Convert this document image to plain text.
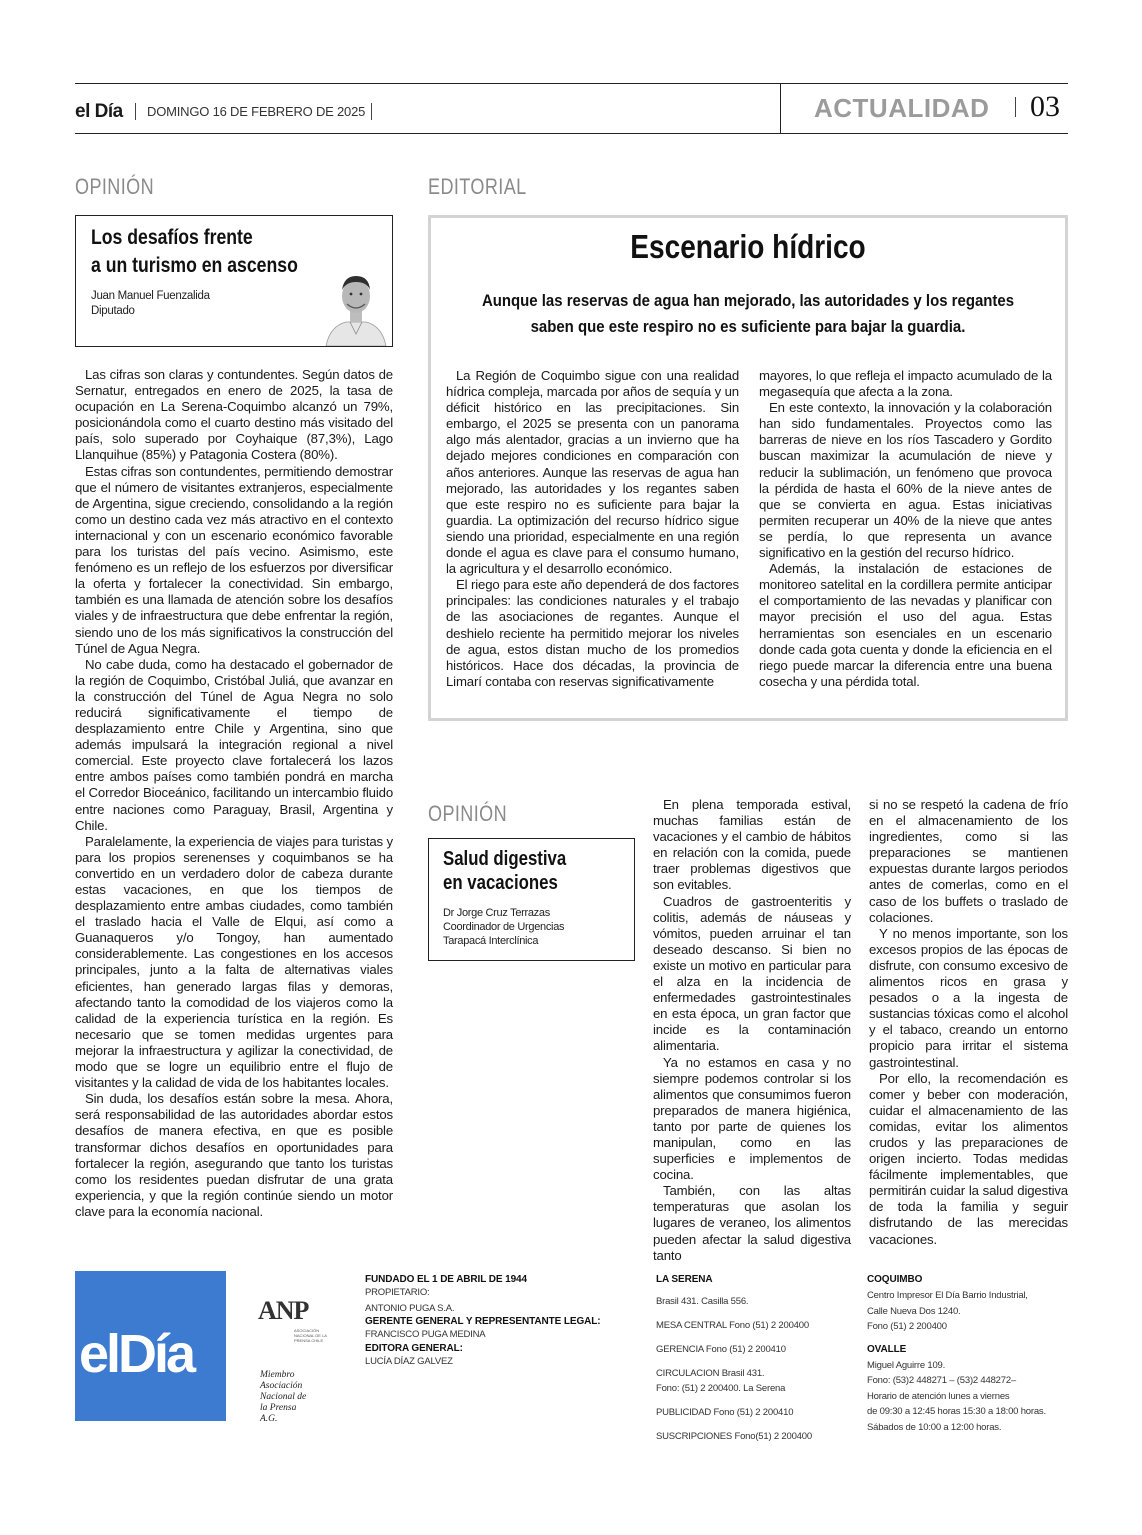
el Día DOMINGO 16 DE FEBRERO DE 2025	ACTUALIDAD 03
OPINIÓN
Los desafíos frente
a un turismo en ascenso
Juan Manuel Fuenzalida
Diputado

Las cifras son claras y contundentes. Según datos de Sernatur, entregados en enero de 2025, la tasa de ocupación en La Serena-Coquimbo alcanzó un 79%, posicionándola como el cuarto destino más visitado del país, solo superado por Coyhaique (87,3%), Lago Llanquihue (85%) y Patagonia Costera (80%).

Estas cifras son contundentes, permitiendo demostrar que el número de visitantes extranjeros, especialmente de Argentina, sigue creciendo, consolidando a la región como un destino cada vez más atractivo en el contexto internacional y con un escenario económico favorable para los turistas del país vecino. Asimismo, este fenómeno es un reflejo de los esfuerzos por diversificar la oferta y fortalecer la conectividad. Sin embargo, también es una llamada de atención sobre los desafíos viales y de infraestructura que debe enfrentar la región, siendo uno de los más significativos la construcción del Túnel de Agua Negra.

No cabe duda, como ha destacado el gobernador de la región de Coquimbo, Cristóbal Juliá, que avanzar en la construcción del Túnel de Agua Negra no solo reducirá significativamente el tiempo de desplazamiento entre Chile y Argentina, sino que además impulsará la integración regional a nivel comercial. Este proyecto clave fortalecerá los lazos entre ambos países como también pondrá en marcha el Corredor Bioceánico, facilitando un intercambio fluido entre naciones como Paraguay, Brasil, Argentina y Chile.

Paralelamente, la experiencia de viajes para turistas y para los propios serenenses y coquimbanos se ha convertido en un verdadero dolor de cabeza durante estas vacaciones, en que los tiempos de desplazamiento entre ambas ciudades, como también el traslado hacia el Valle de Elqui, así como a Guanaqueros y/o Tongoy, han aumentado considerablemente. Las congestiones en los accesos principales, junto a la falta de alternativas viales eficientes, han generado largas filas y demoras, afectando tanto la comodidad de los viajeros como la calidad de la experiencia turística en la región. Es necesario que se tomen medidas urgentes para mejorar la infraestructura y agilizar la conectividad, de modo que se logre un equilibrio entre el flujo de visitantes y la calidad de vida de los habitantes locales.

Sin duda, los desafíos están sobre la mesa. Ahora, será responsabilidad de las autoridades abordar estos desafíos de manera efectiva, en que es posible transformar dichos desafíos en oportunidades para fortalecer la región, asegurando que tanto los turistas como los residentes puedan disfrutar de una grata experiencia, y que la región continúe siendo un motor clave para la economía nacional.

EDITORIAL
Escenario hídrico
Aunque las reservas de agua han mejorado, las autoridades y los regantes
saben que este respiro no es suficiente para bajar la guardia.

La Región de Coquimbo sigue con una realidad hídrica compleja, marcada por años de sequía y un déficit histórico en las precipitaciones. Sin embargo, el 2025 se presenta con un panorama algo más alentador, gracias a un invierno que ha dejado mejores condiciones en comparación con años anteriores. Aunque las reservas de agua han mejorado, las autoridades y los regantes saben que este respiro no es suficiente para bajar la guardia. La optimización del recurso hídrico sigue siendo una prioridad, especialmente en una región donde el agua es clave para el consumo humano, la agricultura y el desarrollo económico.

El riego para este año dependerá de dos factores principales: las condiciones naturales y el trabajo de las asociaciones de regantes. Aunque el deshielo reciente ha permitido mejorar los niveles de agua, estos distan mucho de los promedios históricos. Hace dos décadas, la provincia de Limarí contaba con reservas significativamente

mayores, lo que refleja el impacto acumulado de la megasequía que afecta a la zona.

En este contexto, la innovación y la colaboración han sido fundamentales. Proyectos como las barreras de nieve en los ríos Tascadero y Gordito buscan maximizar la acumulación de nieve y reducir la sublimación, un fenómeno que provoca la pérdida de hasta el 60% de la nieve antes de que se convierta en agua. Estas iniciativas permiten recuperar un 40% de la nieve que antes se perdía, lo que representa un avance significativo en la gestión del recurso hídrico.

Además, la instalación de estaciones de monitoreo satelital en la cordillera permite anticipar el comportamiento de las nevadas y planificar con mayor precisión el uso del agua. Estas herramientas son esenciales en un escenario donde cada gota cuenta y donde la eficiencia en el riego puede marcar la diferencia entre una buena cosecha y una pérdida total.

OPINIÓN
Salud digestiva
en vacaciones
Dr Jorge Cruz Terrazas
Coordinador de Urgencias
Tarapacá Interclínica

En plena temporada estival, muchas familias están de vacaciones y el cambio de hábitos en relación con la comida, puede traer problemas digestivos que son evitables.

Cuadros de gastroenteritis y colitis, además de náuseas y vómitos, pueden arruinar el tan deseado descanso. Si bien no existe un motivo en particular para el alza en la incidencia de enfermedades gastrointestinales en esta época, un gran factor que incide es la contaminación alimentaria.

Ya no estamos en casa y no siempre podemos controlar si los alimentos que consumimos fueron preparados de manera higiénica, tanto por parte de quienes los manipulan, como en las superficies e implementos de cocina.

También, con las altas temperaturas que asolan los lugares de veraneo, los alimentos pueden afectar la salud digestiva tanto

si no se respetó la cadena de frío en el almacenamiento de los ingredientes, como si las preparaciones se mantienen expuestas durante largos periodos antes de comerlas, como en el caso de los buffets o traslado de colaciones.

Y no menos importante, son los excesos propios de las épocas de disfrute, con consumo excesivo de alimentos ricos en grasa y pesados o a la ingesta de sustancias tóxicas como el alcohol y el tabaco, creando un entorno propicio para irritar el sistema gastrointestinal.

Por ello, la recomendación es comer y beber con moderación, cuidar el almacenamiento de las comidas, evitar los alimentos crudos y las preparaciones de origen incierto. Todas medidas fácilmente implementables, que permitirán cuidar la salud digestiva de toda la familia y seguir disfrutando de las merecidas vacaciones.

elDía
ANP
ASOCIACIÓN NACIONAL DE LA PRENSA CHILE
Miembro
Asociación
Nacional de
la Prensa
A.G.
FUNDADO EL 1 DE ABRIL DE 1944
PROPIETARIO:
ANTONIO PUGA S.A.
GERENTE GENERAL Y REPRESENTANTE LEGAL:
FRANCISCO PUGA MEDINA
EDITORA GENERAL:
LUCÍA DÍAZ GALVEZ
LA SERENA
Brasil 431. Casilla 556.
MESA CENTRAL Fono (51) 2 200400
GERENCIA Fono (51) 2 200410
CIRCULACION Brasil 431.
Fono: (51) 2 200400. La Serena
PUBLICIDAD Fono (51) 2 200410
SUSCRIPCIONES Fono(51) 2 200400
COQUIMBO
Centro Impresor El Día Barrio Industrial,
Calle Nueva Dos 1240.
Fono (51) 2 200400
OVALLE
Miguel Aguirre 109.
Fono: (53)2 448271 – (53)2 448272–
Horario de atención lunes a viernes
de 09:30 a 12:45 horas 15:30 a 18:00 horas.
Sábados de 10:00 a 12:00 horas.
